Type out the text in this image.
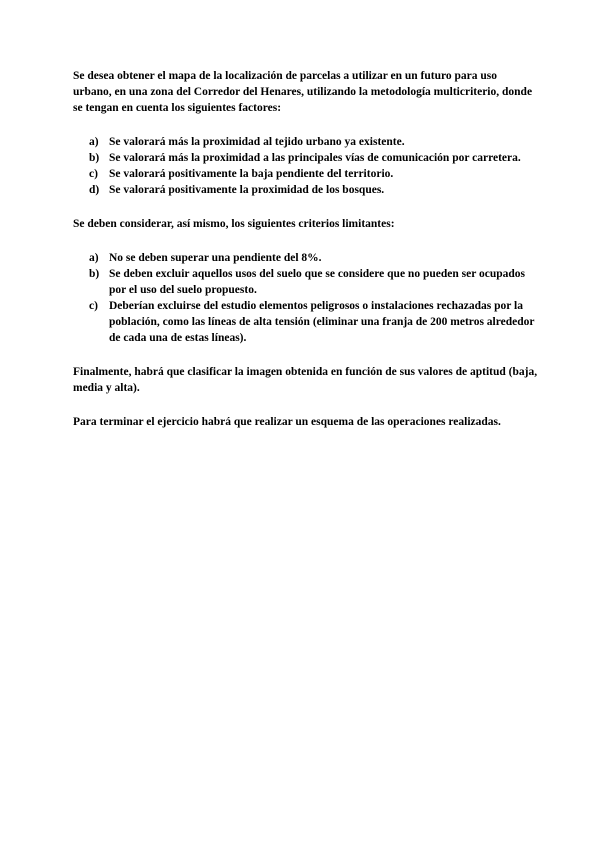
Se desea obtener el mapa de la localización de parcelas a utilizar en un futuro para uso urbano, en una zona del Corredor del Henares, utilizando la metodología multicriterio, donde se tengan en cuenta los siguientes factores:

a) Se valorará más la proximidad al tejido urbano ya existente.
b) Se valorará más la proximidad a las principales vías de comunicación por carretera.
c) Se valorará positivamente la baja pendiente del territorio.
d) Se valorará positivamente la proximidad de los bosques.

Se deben considerar, así mismo, los siguientes criterios limitantes:

a) No se deben superar una pendiente del 8%.
b) Se deben excluir aquellos usos del suelo que se considere que no pueden ser ocupados por el uso del suelo propuesto.
c) Deberían excluirse del estudio elementos peligrosos o instalaciones rechazadas por la población, como las líneas de alta tensión (eliminar una franja de 200 metros alrededor de cada una de estas líneas).

Finalmente, habrá que clasificar la imagen obtenida en función de sus valores de aptitud (baja, media y alta).

Para terminar el ejercicio habrá que realizar un esquema de las operaciones realizadas.
